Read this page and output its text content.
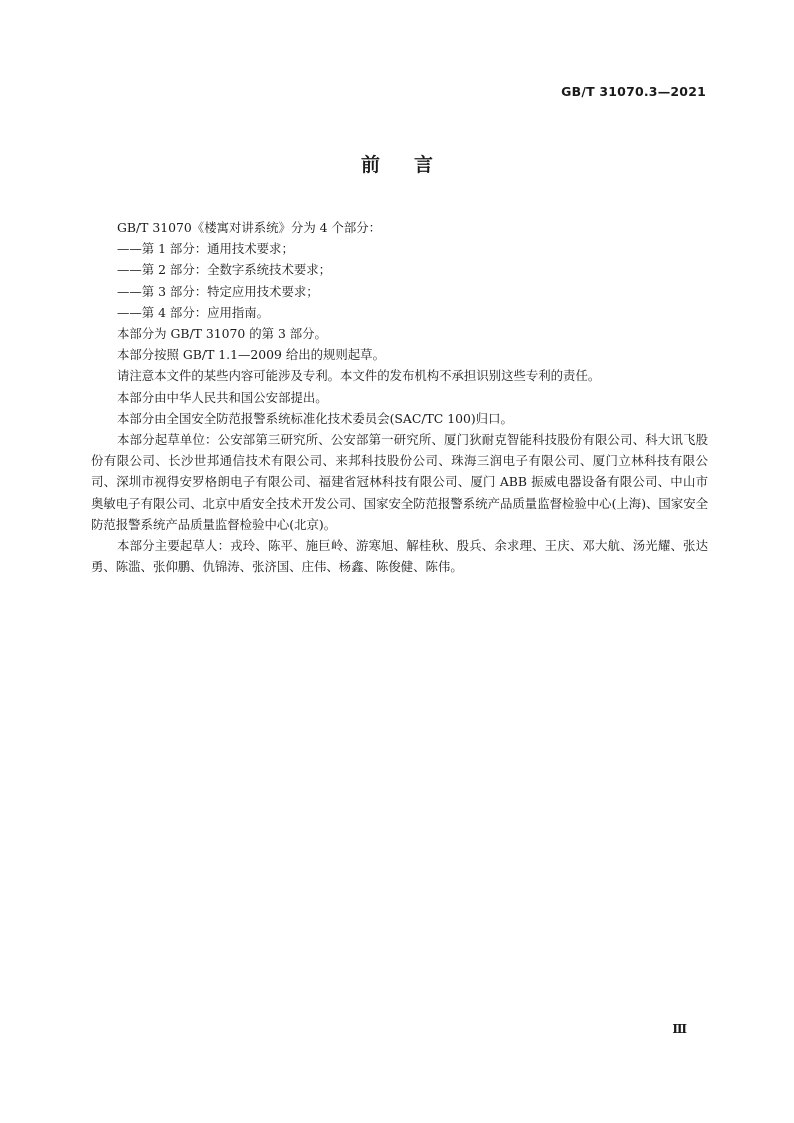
GB/T 31070.3—2021
前言

GB/T 31070《楼寓对讲系统》分为 4 个部分：

——第 1 部分：通用技术要求；

——第 2 部分：全数字系统技术要求；

——第 3 部分：特定应用技术要求；

——第 4 部分：应用指南。

本部分为 GB/T 31070 的第 3 部分。

本部分按照 GB/T 1.1—2009 给出的规则起草。

请注意本文件的某些内容可能涉及专利。本文件的发布机构不承担识别这些专利的责任。

本部分由中华人民共和国公安部提出。

本部分由全国安全防范报警系统标准化技术委员会(SAC/TC 100)归口。

本部分起草单位：公安部第三研究所、公安部第一研究所、厦门狄耐克智能科技股份有限公司、科大讯飞股份有限公司、长沙世邦通信技术有限公司、来邦科技股份公司、珠海三润电子有限公司、厦门立林科技有限公司、深圳市视得安罗格朗电子有限公司、福建省冠林科技有限公司、厦门 ABB 振威电器设备有限公司、中山市奥敏电子有限公司、北京中盾安全技术开发公司、国家安全防范报警系统产品质量监督检验中心(上海)、国家安全防范报警系统产品质量监督检验中心(北京)。

本部分主要起草人：戎玲、陈平、施巨岭、游寒旭、解桂秋、殷兵、余求理、王庆、邓大航、汤光耀、张达勇、陈滥、张仰鹏、仇锦涛、张济国、庄伟、杨鑫、陈俊健、陈伟。

Ⅲ
